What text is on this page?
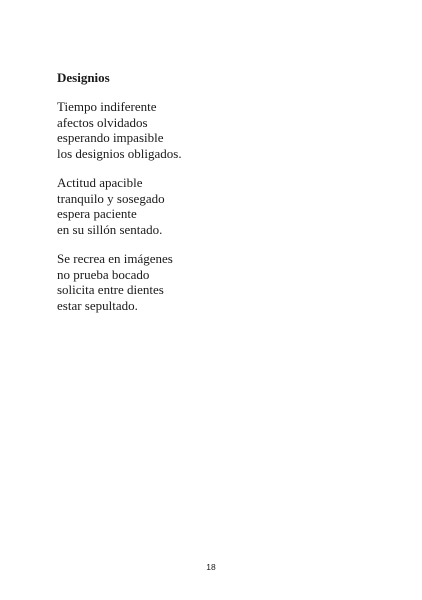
Designios
Tiempo indiferente
afectos olvidados
esperando impasible
los designios obligados.
Actitud apacible
tranquilo y sosegado
espera paciente
en su sillón sentado.
Se recrea en imágenes
no prueba bocado
solicita entre dientes
estar sepultado.
18
